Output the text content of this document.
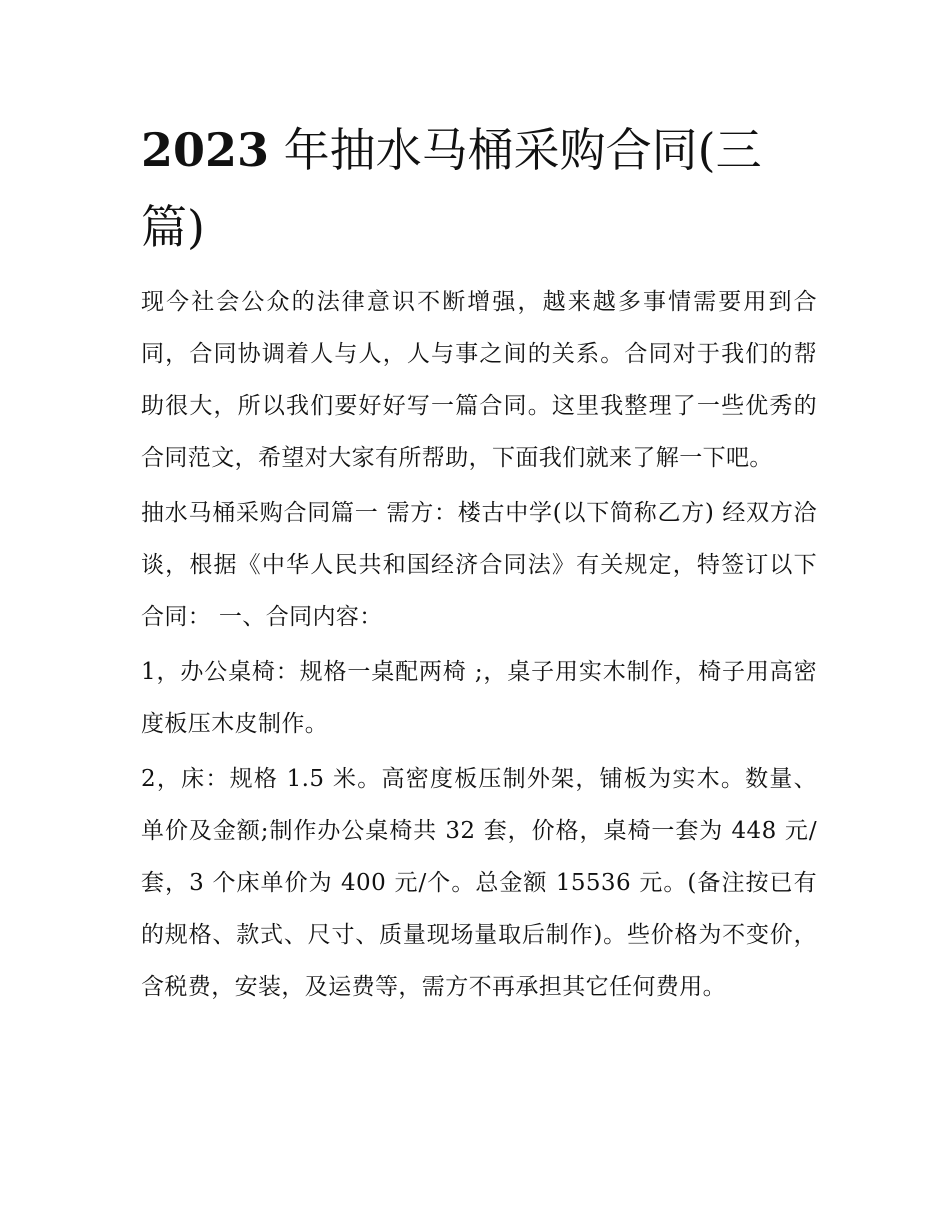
2023 年抽水马桶采购合同(三篇)

现今社会公众的法律意识不断增强，越来越多事情需要用到合同，合同协调着人与人，人与事之间的关系。合同对于我们的帮助很大，所以我们要好好写一篇合同。这里我整理了一些优秀的合同范文，希望对大家有所帮助，下面我们就来了解一下吧。

抽水马桶采购合同篇一 需方：楼古中学(以下简称乙方) 经双方洽谈，根据《中华人民共和国经济合同法》有关规定，特签订以下合同： 一、合同内容：

1，办公桌椅：规格一桌配两椅 ;，桌子用实木制作，椅子用高密度板压木皮制作。

2，床：规格 1.5 米。高密度板压制外架，铺板为实木。数量、单价及金额;制作办公桌椅共 32 套，价格，桌椅一套为 448 元/套，3 个床单价为 400 元/个。总金额 15536 元。(备注按已有的规格、款式、尺寸、质量现场量取后制作)。些价格为不变价，含税费，安装，及运费等，需方不再承担其它任何费用。
